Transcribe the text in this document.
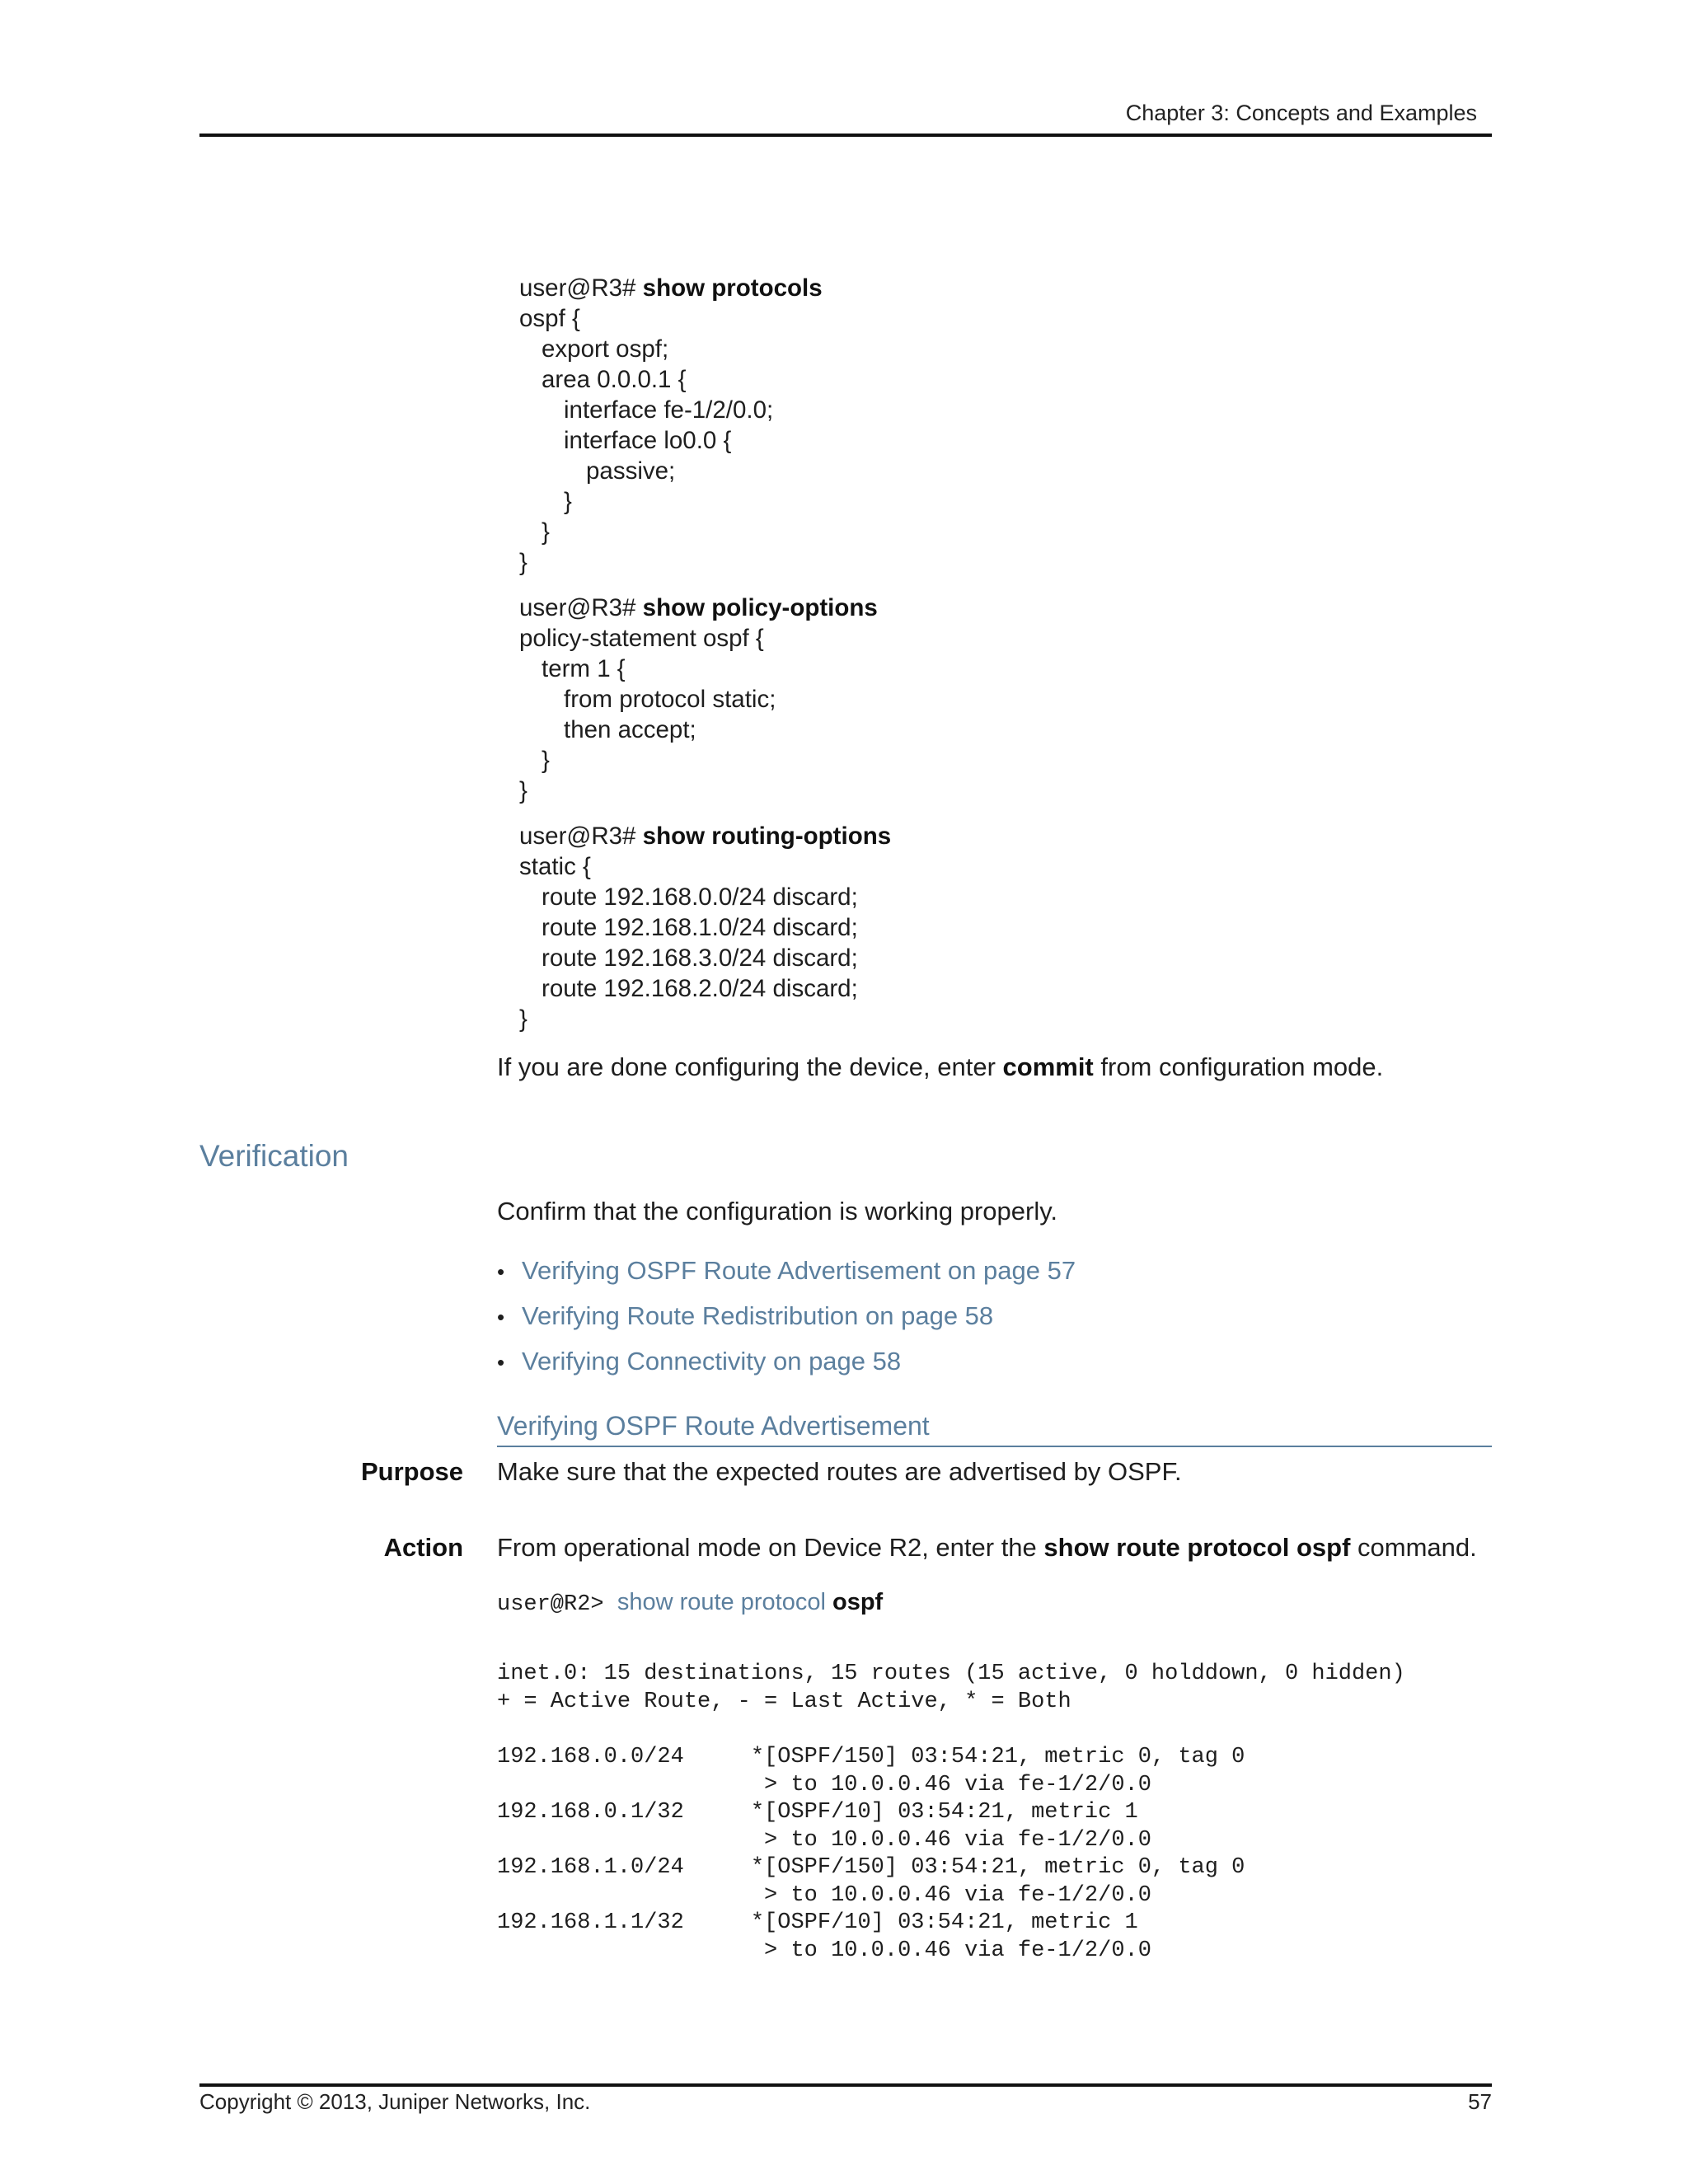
Chapter 3: Concepts and Examples
user@R3# show protocols
ospf {
export ospf;
area 0.0.0.1 {
interface fe-1/2/0.0;
interface lo0.0 {
passive;
}
}
}
user@R3# show policy-options
policy-statement ospf {
term 1 {
from protocol static;
then accept;
}
}
user@R3# show routing-options
static {
route 192.168.0.0/24 discard;
route 192.168.1.0/24 discard;
route 192.168.3.0/24 discard;
route 192.168.2.0/24 discard;
}
If you are done configuring the device, enter commit from configuration mode.
Verification
Confirm that the configuration is working properly.
• Verifying OSPF Route Advertisement on page 57
• Verifying Route Redistribution on page 58
• Verifying Connectivity on page 58
Verifying OSPF Route Advertisement
Purpose Make sure that the expected routes are advertised by OSPF.
Action From operational mode on Device R2, enter the show route protocol ospf command.
user@R2> show route protocol ospf
inet.0: 15 destinations, 15 routes (15 active, 0 holddown, 0 hidden)
+ = Active Route, - = Last Active, * = Both
192.168.0.0/24     *[OSPF/150] 03:54:21, metric 0, tag 0
> to 10.0.0.46 via fe-1/2/0.0
192.168.0.1/32     *[OSPF/10] 03:54:21, metric 1
> to 10.0.0.46 via fe-1/2/0.0
192.168.1.0/24     *[OSPF/150] 03:54:21, metric 0, tag 0
> to 10.0.0.46 via fe-1/2/0.0
192.168.1.1/32     *[OSPF/10] 03:54:21, metric 1
> to 10.0.0.46 via fe-1/2/0.0
Copyright © 2013, Juniper Networks, Inc.	57
